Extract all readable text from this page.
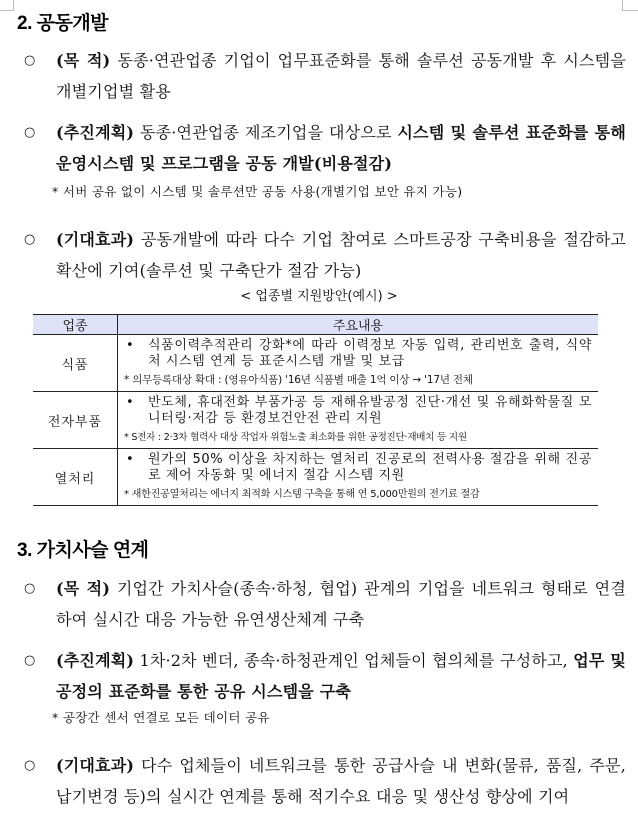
2. 공동개발
○ (목 적) 동종·연관업종 기업이 업무표준화를 통해 솔루션 공동개발 후 시스템을 개별기업별 활용
○ (추진계획) 동종·연관업종 제조기업을 대상으로 시스템 및 솔루션 표준화를 통해 운영시스템 및 프로그램을 공동 개발(비용절감)
* 서버 공유 없이 시스템 및 솔루션만 공동 사용(개별기업 보안 유지 가능)
○ (기대효과) 공동개발에 따라 다수 기업 참여로 스마트공장 구축비용을 절감하고 확산에 기여(솔루션 및 구축단가 절감 가능)
< 업종별 지원방안(예시) >
업종	주요내용
식품	• 식품이력추적관리 강화*에 따라 이력정보 자동 입력, 관리번호 출력, 식약처 시스템 연계 등 표준시스템 개발 및 보급
* 의무등록대상 확대 : (영유아식품) '16년 식품별 매출 1억 이상 → '17년 전체

전자부품	• 반도체, 휴대전화 부품가공 등 재해유발공정 진단·개선 및 유해화학물질 모니터링·저감 등 환경보건안전 관리 지원
* S전자 : 2·3차 협력사 대상 작업자 위험노출 최소화를 위한 공정진단·재배치 등 지원

열처리	• 원가의 50% 이상을 차지하는 열처리 진공로의 전력사용 절감을 위해 진공로 제어 자동화 및 에너지 절감 시스템 지원
* 새한진공열처리는 에너지 최적화 시스템 구축을 통해 연 5,000만원의 전기료 절감
3. 가치사슬 연계
○ (목 적) 기업간 가치사슬(종속·하청, 협업) 관계의 기업을 네트워크 형태로 연결하여 실시간 대응 가능한 유연생산체계 구축
○ (추진계획) 1차·2차 벤더, 종속·하청관계인 업체들이 협의체를 구성하고, 업무 및 공정의 표준화를 통한 공유 시스템을 구축
* 공장간 센서 연결로 모든 데이터 공유
○ (기대효과) 다수 업체들이 네트워크를 통한 공급사슬 내 변화(물류, 품질, 주문, 납기변경 등)의 실시간 연계를 통해 적기수요 대응 및 생산성 향상에 기여
